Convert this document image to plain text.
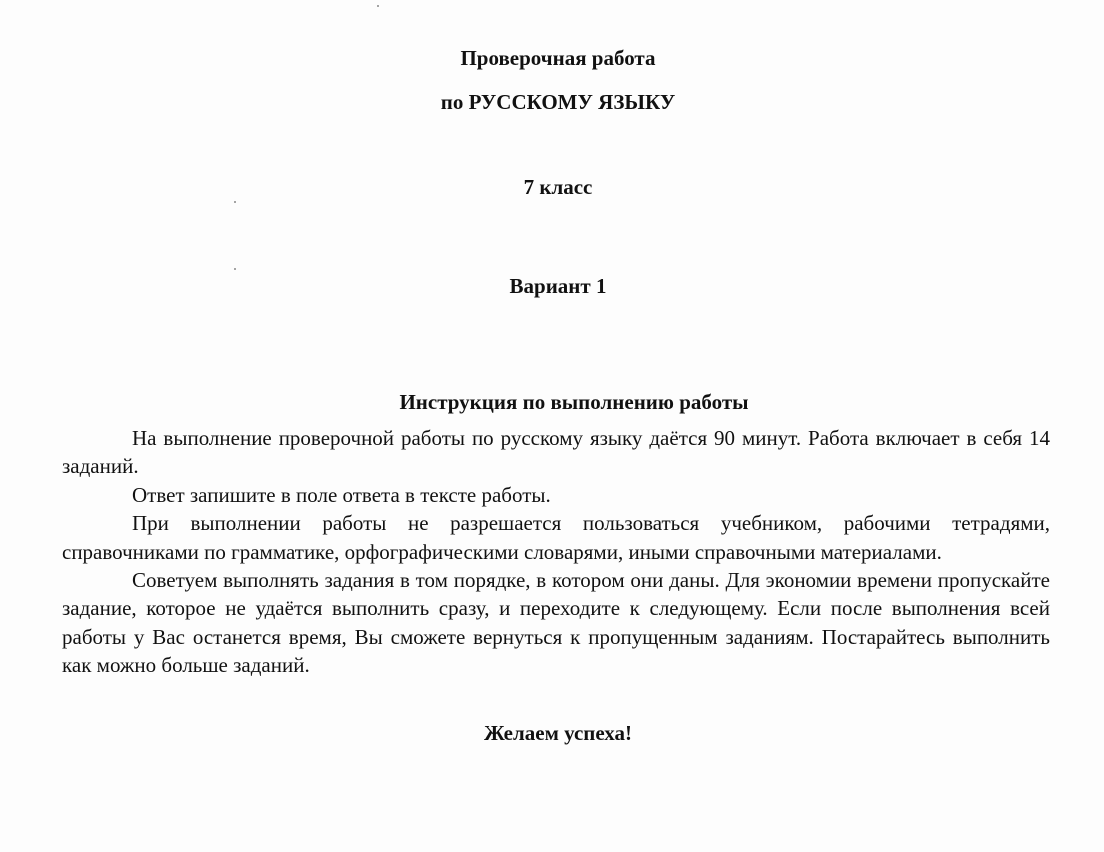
Проверочная работа
по РУССКОМУ ЯЗЫКУ
7 класс
Вариант 1
Инструкция по выполнению работы

На выполнение проверочной работы по русскому языку даётся 90 минут. Работа включает в себя 14 заданий.

Ответ запишите в поле ответа в тексте работы.

При выполнении работы не разрешается пользоваться учебником, рабочими тетрадями, справочниками по грамматике, орфографическими словарями, иными справочными материалами.

Советуем выполнять задания в том порядке, в котором они даны. Для экономии времени пропускайте задание, которое не удаётся выполнить сразу, и переходите к следующему. Если после выполнения всей работы у Вас останется время, Вы сможете вернуться к пропущенным заданиям. Постарайтесь выполнить как можно больше заданий.

Желаем успеха!
